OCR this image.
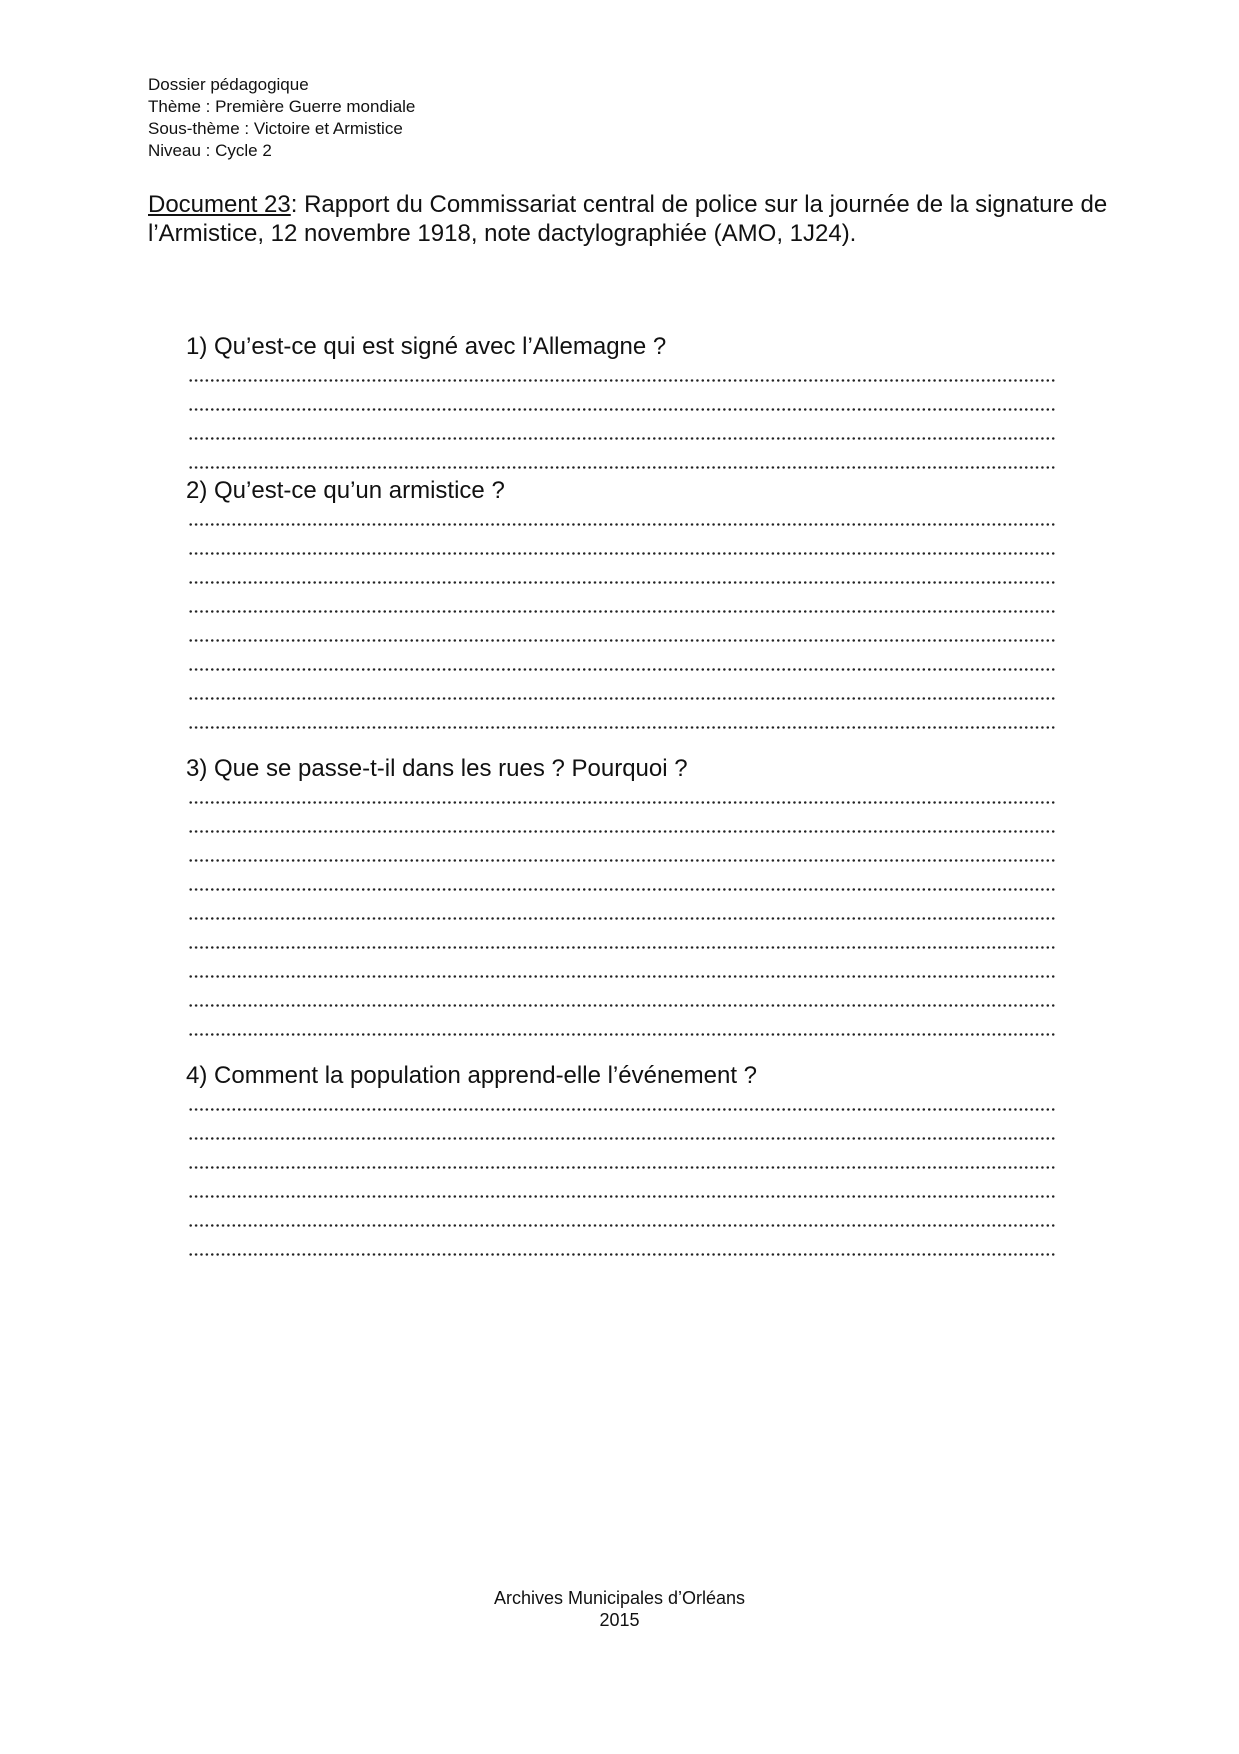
Dossier pédagogique
Thème : Première Guerre mondiale
Sous-thème : Victoire et Armistice
Niveau : Cycle 2
Document 23: Rapport du Commissariat central de police sur la journée de la signature de l’Armistice, 12 novembre 1918, note dactylographiée (AMO, 1J24).
1) Qu’est-ce qui est signé avec l’Allemagne ?
2) Qu’est-ce qu’un armistice ?
3) Que se passe-t-il dans les rues ? Pourquoi ?
4) Comment la population apprend-elle l’événement ?
Archives Municipales d’Orléans
2015
